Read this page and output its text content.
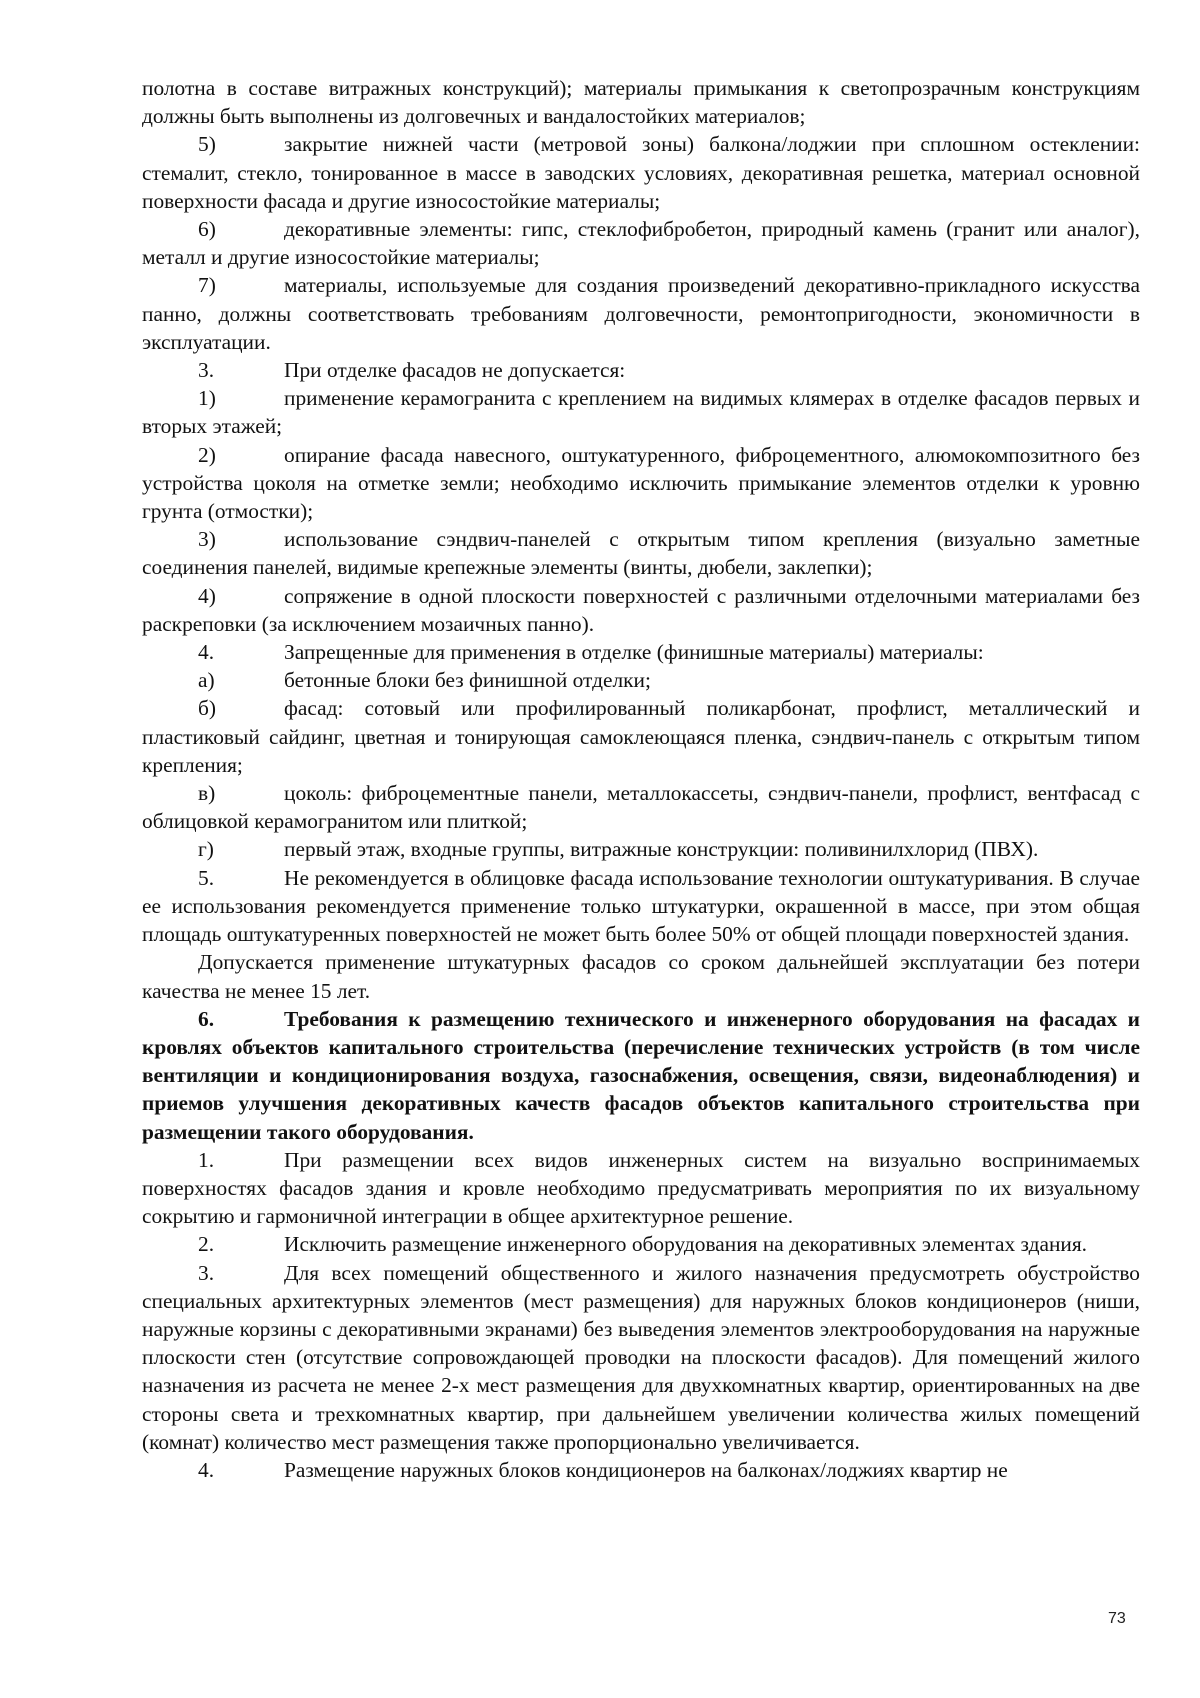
полотна в составе витражных конструкций); материалы примыкания к светопрозрачным конструкциям должны быть выполнены из долговечных и вандалостойких материалов;

5)	закрытие нижней части (метровой зоны) балкона/лоджии при сплошном остеклении: стемалит, стекло, тонированное в массе в заводских условиях, декоративная решетка, материал основной поверхности фасада и другие износостойкие материалы;

6)	декоративные элементы: гипс, стеклофибробетон, природный камень (гранит или аналог), металл и другие износостойкие материалы;

7)	материалы, используемые для создания произведений декоративно-прикладного искусства панно, должны соответствовать требованиям долговечности, ремонтопригодности, экономичности в эксплуатации.

3.	При отделке фасадов не допускается:

1)	применение керамогранита с креплением на видимых клямерах в отделке фасадов первых и вторых этажей;

2)	опирание фасада навесного, оштукатуренного, фиброцементного, алюмокомпозитного без устройства цоколя на отметке земли; необходимо исключить примыкание элементов отделки к уровню грунта (отмостки);

3)	использование сэндвич-панелей с открытым типом крепления (визуально заметные соединения панелей, видимые крепежные элементы (винты, дюбели, заклепки);

4)	сопряжение в одной плоскости поверхностей с различными отделочными материалами без раскреповки (за исключением мозаичных панно).

4.	Запрещенные для применения в отделке (финишные материалы) материалы:

а)	бетонные блоки без финишной отделки;

б)	фасад: сотовый или профилированный поликарбонат, профлист, металлический и пластиковый сайдинг, цветная и тонирующая самоклеющаяся пленка, сэндвич-панель с открытым типом крепления;

в)	цоколь: фиброцементные панели, металлокассеты, сэндвич-панели, профлист, вентфасад с облицовкой керамогранитом или плиткой;

г)	первый этаж, входные группы, витражные конструкции: поливинилхлорид (ПВХ).

5.	Не рекомендуется в облицовке фасада использование технологии оштукатуривания. В случае ее использования рекомендуется применение только штукатурки, окрашенной в массе, при этом общая площадь оштукатуренных поверхностей не может быть более 50% от общей площади поверхностей здания.

Допускается применение штукатурных фасадов со сроком дальнейшей эксплуатации без потери качества не менее 15 лет.

6.	Требования к размещению технического и инженерного оборудования на фасадах и кровлях объектов капитального строительства (перечисление технических устройств (в том числе вентиляции и кондиционирования воздуха, газоснабжения, освещения, связи, видеонаблюдения) и приемов улучшения декоративных качеств фасадов объектов капитального строительства при размещении такого оборудования.

1.	При размещении всех видов инженерных систем на визуально воспринимаемых поверхностях фасадов здания и кровле необходимо предусматривать мероприятия по их визуальному сокрытию и гармоничной интеграции в общее архитектурное решение.

2.	Исключить размещение инженерного оборудования на декоративных элементах здания.

3.	Для всех помещений общественного и жилого назначения предусмотреть обустройство специальных архитектурных элементов (мест размещения) для наружных блоков кондиционеров (ниши, наружные корзины с декоративными экранами) без выведения элементов электрооборудования на наружные плоскости стен (отсутствие сопровождающей проводки на плоскости фасадов). Для помещений жилого назначения из расчета не менее 2-х мест размещения для двухкомнатных квартир, ориентированных на две стороны света и трехкомнатных квартир, при дальнейшем увеличении количества жилых помещений (комнат) количество мест размещения также пропорционально увеличивается.

4.	Размещение наружных блоков кондиционеров на балконах/лоджиях квартир не

73
